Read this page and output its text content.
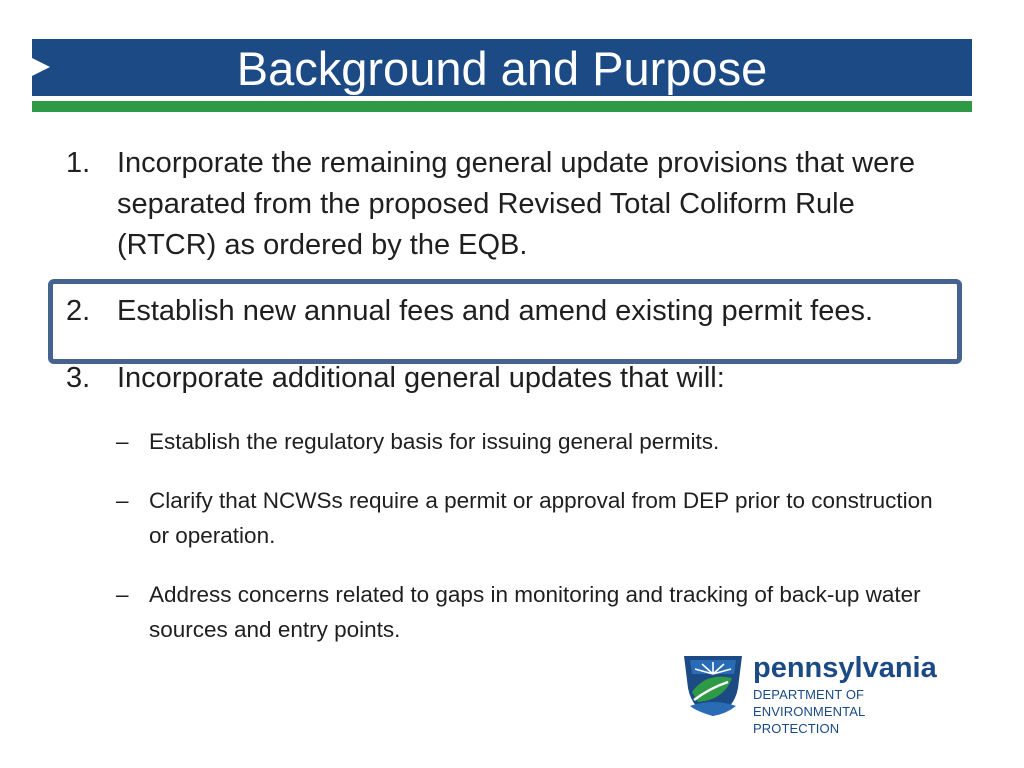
Background and Purpose
1. Incorporate the remaining general update provisions that were separated from the proposed Revised Total Coliform Rule (RTCR) as ordered by the EQB.
2. Establish new annual fees and amend existing permit fees.
3. Incorporate additional general updates that will:
– Establish the regulatory basis for issuing general permits.
– Clarify that NCWSs require a permit or approval from DEP prior to construction or operation.
– Address concerns related to gaps in monitoring and tracking of back-up water sources and entry points.
pennsylvania
DEPARTMENT OF ENVIRONMENTAL
PROTECTION
